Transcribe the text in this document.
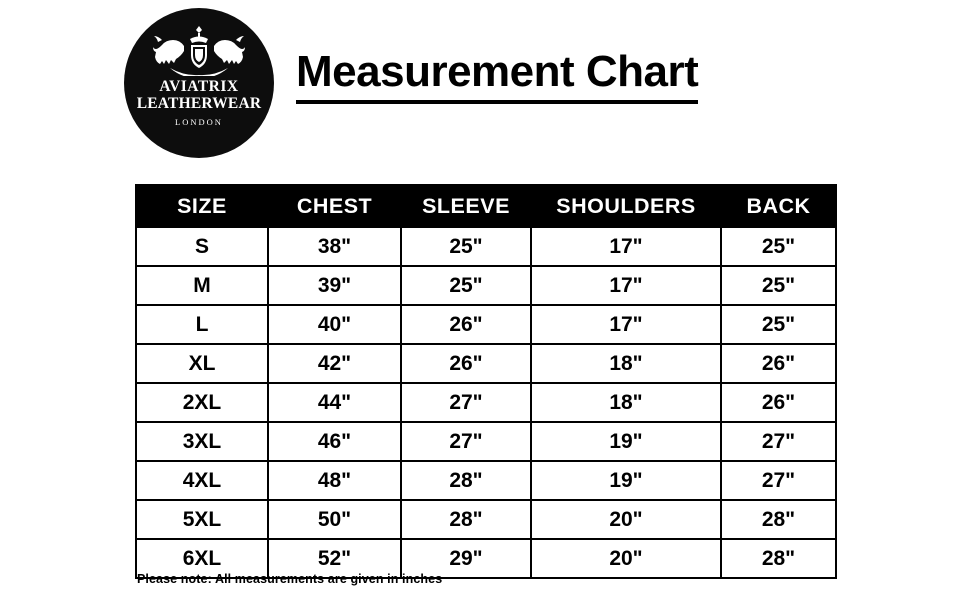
AVIATRIX
LEATHERWEAR
LONDON
Measurement Chart
SIZE	CHEST	SLEEVE	SHOULDERS	BACK
S	38"	25"	17"	25"
M	39"	25"	17"	25"
L	40"	26"	17"	25"
XL	42"	26"	18"	26"
2XL	44"	27"	18"	26"
3XL	46"	27"	19"	27"
4XL	48"	28"	19"	27"
5XL	50"	28"	20"	28"
6XL	52"	29"	20"	28"
Please note: All measurements are given in inches
